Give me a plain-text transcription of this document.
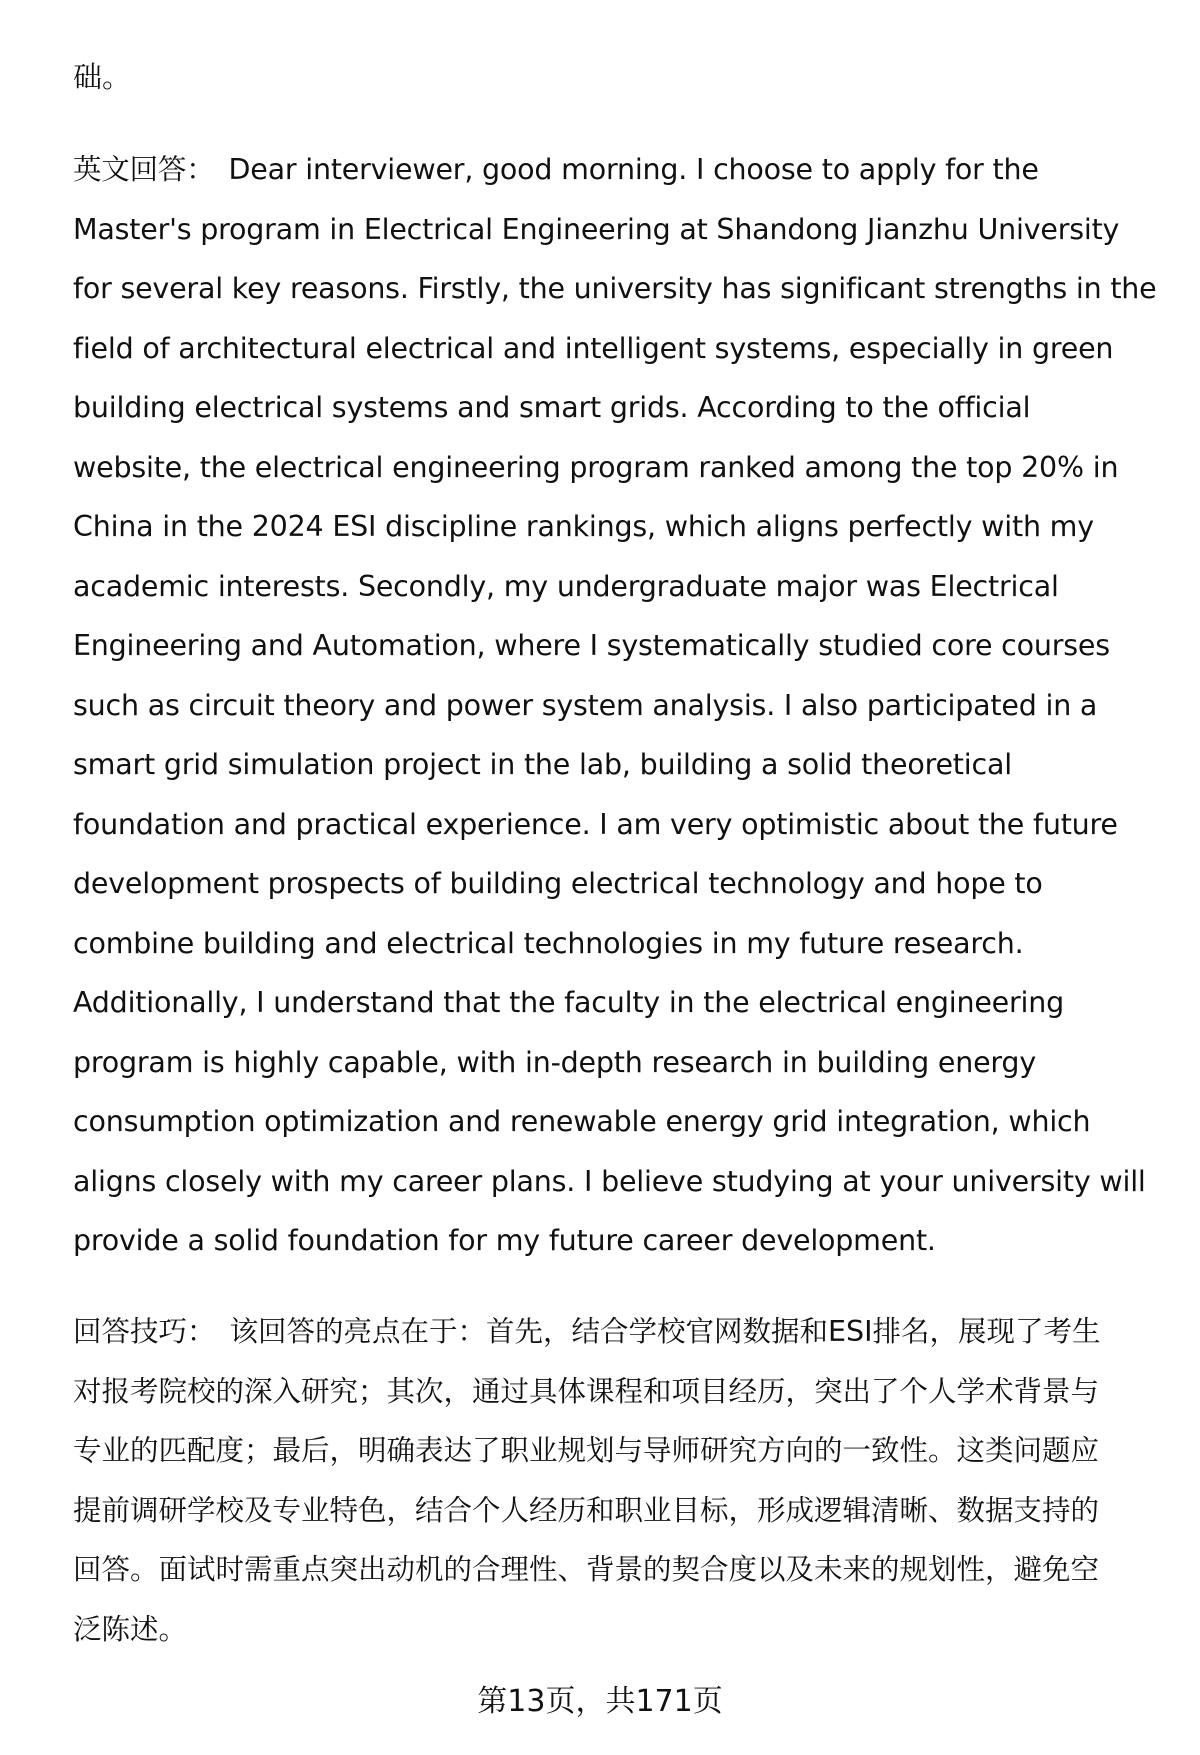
础。
英文回答： Dear interviewer, good morning. I choose to apply for the
Master's program in Electrical Engineering at Shandong Jianzhu University
for several key reasons. Firstly, the university has significant strengths in the
field of architectural electrical and intelligent systems, especially in green
building electrical systems and smart grids. According to the official
website, the electrical engineering program ranked among the top 20% in
China in the 2024 ESI discipline rankings, which aligns perfectly with my
academic interests. Secondly, my undergraduate major was Electrical
Engineering and Automation, where I systematically studied core courses
such as circuit theory and power system analysis. I also participated in a
smart grid simulation project in the lab, building a solid theoretical
foundation and practical experience. I am very optimistic about the future
development prospects of building electrical technology and hope to
combine building and electrical technologies in my future research.
Additionally, I understand that the faculty in the electrical engineering
program is highly capable, with in-depth research in building energy
consumption optimization and renewable energy grid integration, which
aligns closely with my career plans. I believe studying at your university will
provide a solid foundation for my future career development.
回答技巧： 该回答的亮点在于：首先，结合学校官网数据和ESI排名，展现了考生
对报考院校的深入研究；其次，通过具体课程和项目经历，突出了个人学术背景与
专业的匹配度；最后，明确表达了职业规划与导师研究方向的一致性。这类问题应
提前调研学校及专业特色，结合个人经历和职业目标，形成逻辑清晰、数据支持的
回答。面试时需重点突出动机的合理性、背景的契合度以及未来的规划性，避免空
泛陈述。
第13页，共171页
